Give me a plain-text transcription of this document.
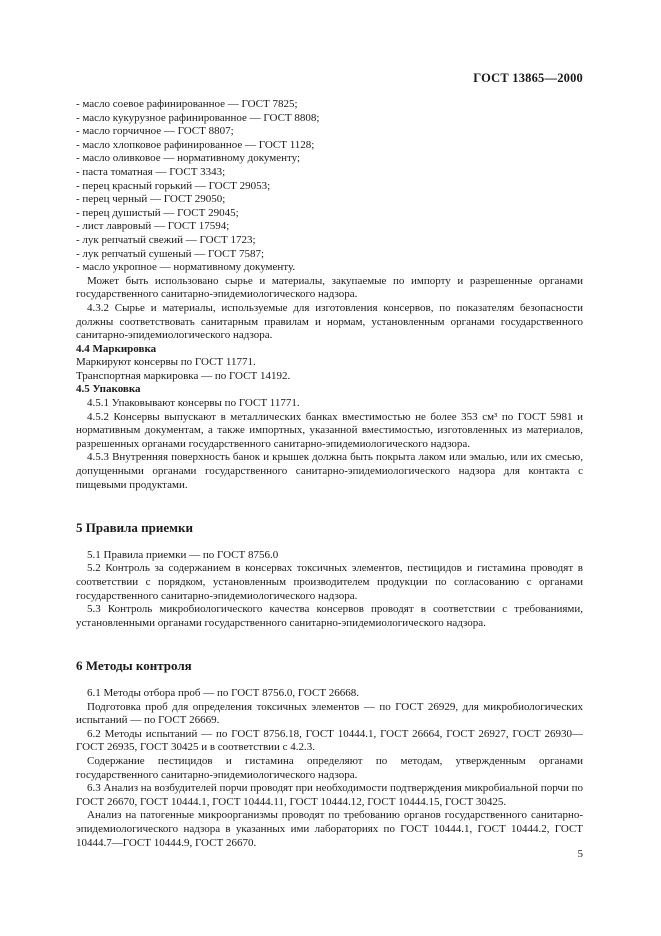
ГОСТ 13865—2000

- масло соевое рафинированное — ГОСТ 7825;

- масло кукурузное рафинированное — ГОСТ 8808;

- масло горчичное — ГОСТ 8807;

- масло хлопковое рафинированное — ГОСТ 1128;

- масло оливковое — нормативному документу;

- паста томатная — ГОСТ 3343;

- перец красный горький — ГОСТ 29053;

- перец черный — ГОСТ 29050;

- перец душистый — ГОСТ 29045;

- лист лавровый — ГОСТ 17594;

- лук репчатый свежий — ГОСТ 1723;

- лук репчатый сушеный — ГОСТ 7587;

- масло укропное — нормативному документу.

Может быть использовано сырье и материалы, закупаемые по импорту и разрешенные органами государственного санитарно-эпидемиологического надзора.

4.3.2 Сырье и материалы, используемые для изготовления консервов, по показателям безопасности должны соответствовать санитарным правилам и нормам, установленным органами государственного санитарно-эпидемиологического надзора.

4.4 Маркировка

Маркируют консервы по ГОСТ 11771.

Транспортная маркировка — по ГОСТ 14192.

4.5 Упаковка

4.5.1 Упаковывают консервы по ГОСТ 11771.

4.5.2 Консервы выпускают в металлических банках вместимостью не более 353 см³ по ГОСТ 5981 и нормативным документам, а также импортных, указанной вместимостью, изготовленных из материалов, разрешенных органами государственного санитарно-эпидемиологического надзора.

4.5.3 Внутренняя поверхность банок и крышек должна быть покрыта лаком или эмалью, или их смесью, допущенными органами государственного санитарно-эпидемиологического надзора для контакта с пищевыми продуктами.

5 Правила приемки

5.1 Правила приемки — по ГОСТ 8756.0

5.2 Контроль за содержанием в консервах токсичных элементов, пестицидов и гистамина проводят в соответствии с порядком, установленным производителем продукции по согласованию с органами государственного санитарно-эпидемиологического надзора.

5.3 Контроль микробиологического качества консервов проводят в соответствии с требованиями, установленными органами государственного санитарно-эпидемиологического надзора.

6 Методы контроля

6.1 Методы отбора проб — по ГОСТ 8756.0, ГОСТ 26668.

Подготовка проб для определения токсичных элементов — по ГОСТ 26929, для микробиологических испытаний — по ГОСТ 26669.

6.2 Методы испытаний — по ГОСТ 8756.18, ГОСТ 10444.1, ГОСТ 26664, ГОСТ 26927, ГОСТ 26930—ГОСТ 26935, ГОСТ 30425 и в соответствии с 4.2.3.

Содержание пестицидов и гистамина определяют по методам, утвержденным органами государственного санитарно-эпидемиологического надзора.

6.3 Анализ на возбудителей порчи проводят при необходимости подтверждения микробиальной порчи по ГОСТ 26670, ГОСТ 10444.1, ГОСТ 10444.11, ГОСТ 10444.12, ГОСТ 10444.15, ГОСТ 30425.

Анализ на патогенные микроорганизмы проводят по требованию органов государственного санитарно-эпидемиологического надзора в указанных ими лабораториях по ГОСТ 10444.1, ГОСТ 10444.2, ГОСТ 10444.7—ГОСТ 10444.9, ГОСТ 26670.

5
